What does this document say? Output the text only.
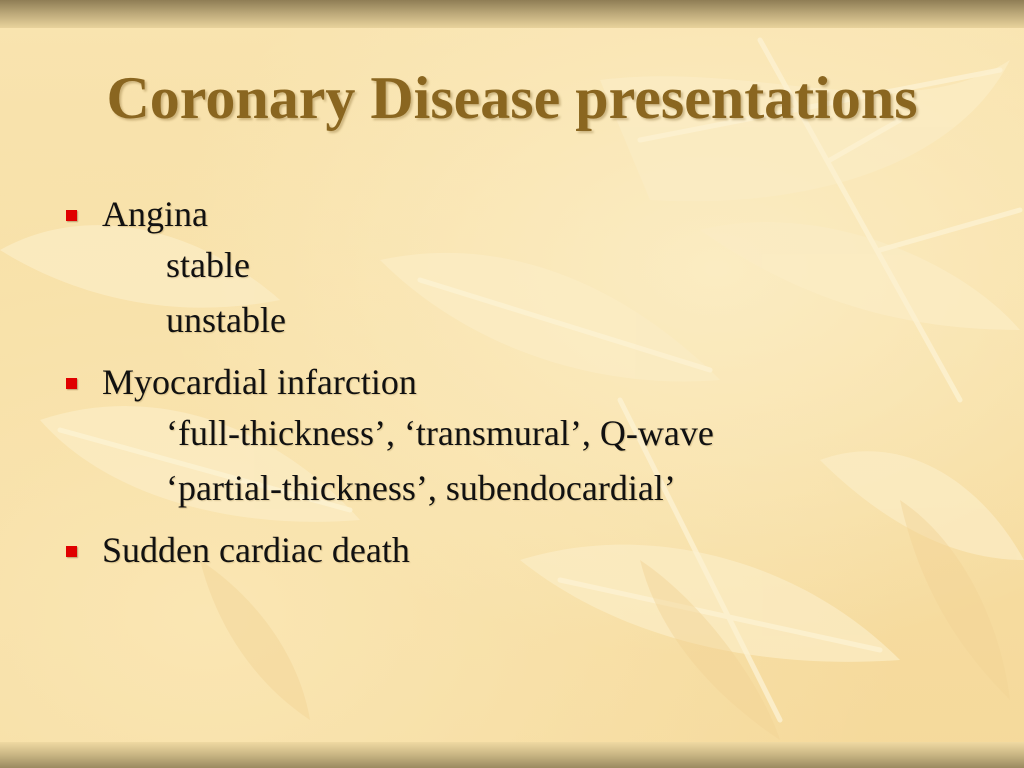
Coronary Disease presentations
Angina
stable
unstable
Myocardial infarction
‘full-thickness’, ‘transmural’, Q-wave
‘partial-thickness’, subendocardial’
Sudden cardiac death
